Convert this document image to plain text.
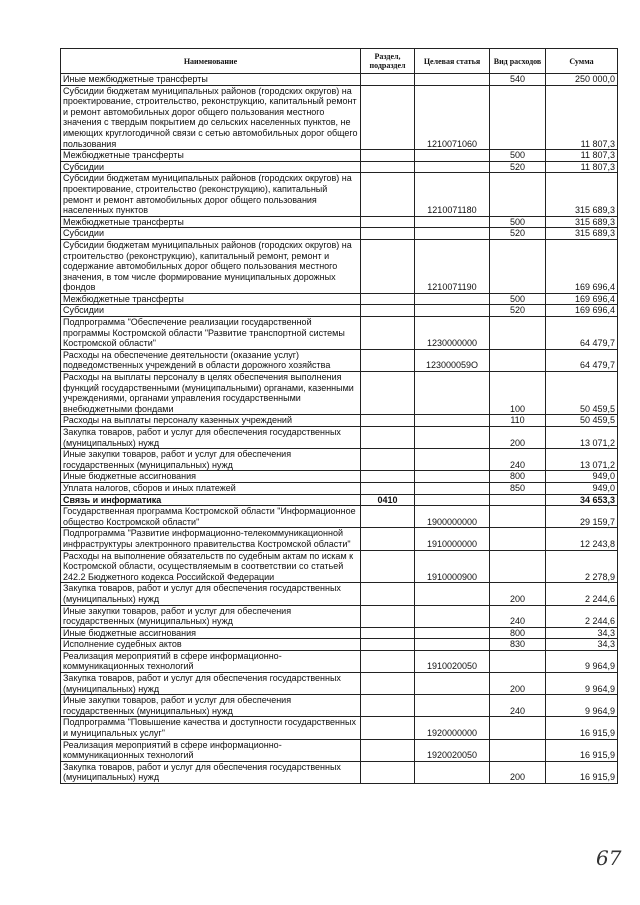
Наименование	Раздел, подраздел	Целевая статья	Вид расходов	Сумма
Иные межбюджетные трансферты			540	250 000,0
Субсидии бюджетам муниципальных районов (городских округов) на проектирование, строительство, реконструкцию, капитальный ремонт и ремонт автомобильных дорог общего пользования местного значения с твердым покрытием до сельских населенных пунктов, не имеющих круглогодичной связи с сетью автомобильных дорог общего пользования		1210071060		11 807,3
Межбюджетные трансферты			500	11 807,3
Субсидии			520	11 807,3
Субсидии бюджетам муниципальных районов (городских округов) на проектирование, строительство (реконструкцию), капитальный ремонт и ремонт автомобильных дорог общего пользования населенных пунктов		1210071180		315 689,3
Межбюджетные трансферты			500	315 689,3
Субсидии			520	315 689,3
Субсидии бюджетам муниципальных районов (городских округов) на строительство (реконструкцию), капитальный ремонт, ремонт и содержание автомобильных дорог общего пользования местного значения, в том числе формирование муниципальных дорожных фондов		1210071190		169 696,4
Межбюджетные трансферты			500	169 696,4
Субсидии			520	169 696,4
Подпрограмма "Обеспечение реализации государственной программы Костромской области "Развитие транспортной системы Костромской области"		1230000000		64 479,7
Расходы на обеспечение деятельности (оказание услуг) подведомственных учреждений в области дорожного хозяйства		123000059О		64 479,7
Расходы на выплаты персоналу в целях обеспечения выполнения функций государственными (муниципальными) органами, казенными учреждениями, органами управления государственными внебюджетными фондами			100	50 459,5
Расходы на выплаты персоналу казенных учреждений			110	50 459,5
Закупка товаров, работ и услуг для обеспечения государственных (муниципальных) нужд			200	13 071,2
Иные закупки товаров, работ и услуг для обеспечения государственных (муниципальных) нужд			240	13 071,2
Иные бюджетные ассигнования			800	949,0
Уплата налогов, сборов и иных платежей			850	949,0
Связь и информатика	0410			34 653,3
Государственная программа Костромской области "Информационное общество Костромской области"		1900000000		29 159,7
Подпрограмма "Развитие информационно-телекоммуникационной инфраструктуры электронного правительства Костромской области"		1910000000		12 243,8
Расходы на выполнение обязательств по судебным актам по искам к Костромской области, осуществляемым в соответствии со статьей 242.2 Бюджетного кодекса Российской Федерации		1910000900		2 278,9
Закупка товаров, работ и услуг для обеспечения государственных (муниципальных) нужд			200	2 244,6
Иные закупки товаров, работ и услуг для обеспечения государственных (муниципальных) нужд			240	2 244,6
Иные бюджетные ассигнования			800	34,3
Исполнение судебных актов			830	34,3
Реализация мероприятий в сфере информационно-коммуникационных технологий		1910020050		9 964,9
Закупка товаров, работ и услуг для обеспечения государственных (муниципальных) нужд			200	9 964,9
Иные закупки товаров, работ и услуг для обеспечения государственных (муниципальных) нужд			240	9 964,9
Подпрограмма "Повышение качества и доступности государственных и муниципальных услуг"		1920000000		16 915,9
Реализация мероприятий в сфере информационно-коммуникационных технологий		1920020050		16 915,9
Закупка товаров, работ и услуг для обеспечения государственных (муниципальных) нужд			200	16 915,9
67
